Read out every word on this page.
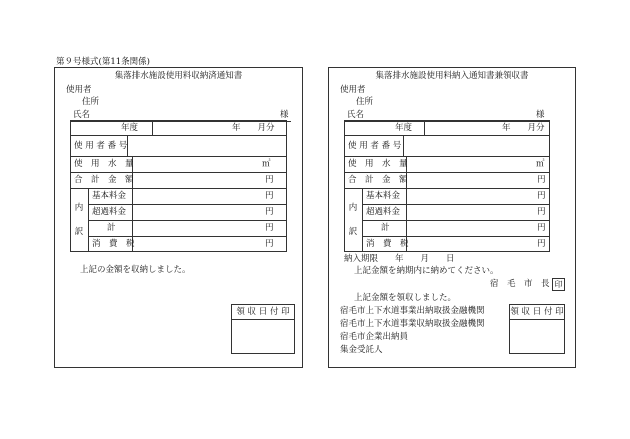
第９号様式(第11条関係)
集落排水施設使用料収納済通知書
使用者
住所
氏名	様
年度	年　　月分
使 用 者 番 号
使　用　水　量	㎥
合　計　金　額	円
内
訳
基本料金	円
超過料金	円
計	円
消　費　税	円
上記の金額を収納しました。
領 収 日 付 印
集落排水施設使用料納入通知書兼領収書
使用者
住所
氏名	様
年度	年　　月分
使 用 者 番 号
使　用　水　量	㎥
合　計　金　額	円
内
訳
基本料金	円
超過料金	円
計	円
消　費　税	円
納入期限　　年　　月　　日
上記金額を納期内に納めてください。
宿　毛　市　長 印
上記金額を領収しました。
宿毛市上下水道事業出納取扱金融機関
宿毛市上下水道事業収納取扱金融機関
宿毛市企業出納員
集金受託人
領 収 日 付 印
